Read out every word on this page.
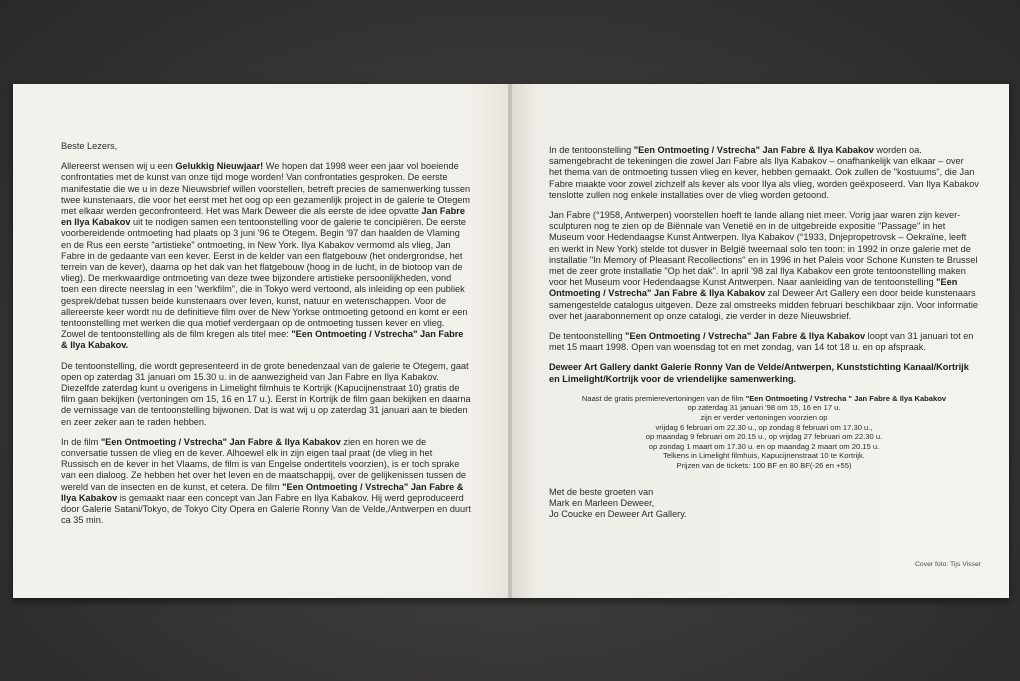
Beste Lezers,

Allereerst wensen wij u een Gelukkig Nieuwjaar! We hopen dat 1998 weer een jaar vol boeiende confrontaties met de kunst van onze tijd moge worden! Van confrontaties gesproken. De eerste manifestatie die we u in deze Nieuwsbrief willen voorstellen, betreft precies de samenwerking tussen twee kunstenaars, die voor het eerst met het oog op een gezamenlijk project in de galerie te Otegem met elkaar werden geconfronteerd. Het was Mark Deweer die als eerste de idee opvatte Jan Fabre en Ilya Kabakov uit te nodigen samen een tentoonstelling voor de galerie te concipiëren. De eerste voorbereidende ontmoeting had plaats op 3 juni '96 te Otegem. Begin '97 dan haalden de Vlaming en de Rus een eerste "artistieke" ontmoeting, in New York. Ilya Kabakov vermomd als vlieg, Jan Fabre in de gedaante van een kever. Eerst in de kelder van een flatgebouw (het ondergrondse, het terrein van de kever), daarna op het dak van het flatgebouw (hoog in de lucht, in de biotoop van de vlieg). De merkwaardige ontmoeting van deze twee bijzondere artistieke persoonlijkheden, vond toen een directe neerslag in een "werkfilm", die in Tokyo werd vertoond, als inleiding op een publiek gesprek/debat tussen beide kunstenaars over leven, kunst, natuur en wetenschappen. Voor de allereerste keer wordt nu de definitieve film over de New Yorkse ontmoeting getoond en komt er een tentoonstelling met werken die qua motief verdergaan op de ontmoeting tussen kever en vlieg. Zowel de tentoonstelling als de film kregen als titel mee: "Een Ontmoeting / Vstrecha" Jan Fabre & Ilya Kabakov.

De tentoonstelling, die wordt gepresenteerd in de grote benedenzaal van de galerie te Otegem, gaat open op zaterdag 31 januari om 15.30 u. in de aanwezigheid van Jan Fabre en Ilya Kabakov. Diezelfde zaterdag kunt u overigens in Limelight filmhuis te Kortrijk (Kapucijnenstraat 10) gratis de film gaan bekijken (vertoningen om 15, 16 en 17 u.). Eerst in Kortrijk de film gaan bekijken en daarna de vernissage van de tentoonstelling bijwonen. Dat is wat wij u op zaterdag 31 januari aan te bieden en zeer zeker aan te raden hebben.

In de film "Een Ontmoeting / Vstrecha" Jan Fabre & Ilya Kabakov zien en horen we de conversatie tussen de vlieg en de kever. Alhoewel elk in zijn eigen taal praat (de vlieg in het Russisch en de kever in het Vlaams, de film is van Engelse ondertitels voorzien), is er toch sprake van een dialoog. Ze hebben het over het leven en de maatschappij, over de gelijkenissen tussen de wereld van de insecten en de kunst, et cetera. De film "Een Ontmoeting / Vstrecha" Jan Fabre & Ilya Kabakov is gemaakt naar een concept van Jan Fabre en Ilya Kabakov. Hij werd geproduceerd door Galerie Satani/Tokyo, de Tokyo City Opera en Galerie Ronny Van de Velde,/Antwerpen en duurt ca 35 min.

In de tentoonstelling "Een Ontmoeting / Vstrecha" Jan Fabre & Ilya Kabakov worden oa. samengebracht de tekeningen die zowel Jan Fabre als Ilya Kabakov – onafhankelijk van elkaar – over het thema van de ontmoeting tussen vlieg en kever, hebben gemaakt. Ook zullen de "kostuums", die Jan Fabre maakte voor zowel zichzelf als kever als voor Ilya als vlieg, worden geëxposeerd. Van Ilya Kabakov tenslotte zullen nog enkele installaties over de vlieg worden getoond.

Jan Fabre (°1958, Antwerpen) voorstellen hoeft te lande allang niet meer. Vorig jaar waren zijn kever-sculpturen nog te zien op de Biënnale van Venetië en in de uitgebreide expositie "Passage" in het Museum voor Hedendaagse Kunst Antwerpen. Ilya Kabakov (°1933, Dnjepropetrovsk – Oekraïne, leeft en werkt in New York) stelde tot dusver in België tweemaal solo ten toon: in 1992 in onze galerie met de installatie "In Memory of Pleasant Recollections" en in 1996 in het Paleis voor Schone Kunsten te Brussel met de zeer grote installatie "Op het dak". In april '98 zal Ilya Kabakov een grote tentoonstelling maken voor het Museum voor Hedendaagse Kunst Antwerpen. Naar aanleiding van de tentoonstelling "Een Ontmoeting / Vstrecha" Jan Fabre & Ilya Kabakov zal Deweer Art Gallery een door beide kunstenaars samengestelde catalogus uitgeven. Deze zal omstreeks midden februari beschikbaar zijn. Voor informatie over het jaarabonnement op onze catalogi, zie verder in deze Nieuwsbrief.

De tentoonstelling "Een Ontmoeting / Vstrecha" Jan Fabre & Ilya Kabakov loopt van 31 januari tot en met 15 maart 1998. Open van woensdag tot en met zondag, van 14 tot 18 u. en op afspraak.

Deweer Art Gallery dankt Galerie Ronny Van de Velde/Antwerpen, Kunststichting Kanaal/Kortrijk en Limelight/Kortrijk voor de vriendelijke samenwerking.

Naast de gratis premierevertoningen van de film "Een Ontmoeting / Vstrecha " Jan Fabre & Ilya Kabakov
op zaterdag 31 januari '98 om 15, 16 en 17 u.
zijn er verder vertoningen voorzien op
vrijdag 6 februari om 22.30 u., op zondag 8 februari om 17.30 u.,
op maandag 9 februari om 20.15 u., op vrijdag 27 februari om 22.30 u.
op zondag 1 maart om 17.30 u. en op maandag 2 maart om 20.15 u.
Telkens in Limelight filmhuis, Kapucijnenstraat 10 te Kortrijk.
Prijzen van de tickets: 100 BF en 80 BF(-26 en +55)
Met de beste groeten van
Mark en Marleen Deweer,
Jo Coucke en Deweer Art Gallery.
Cover foto: Tijs Visser
